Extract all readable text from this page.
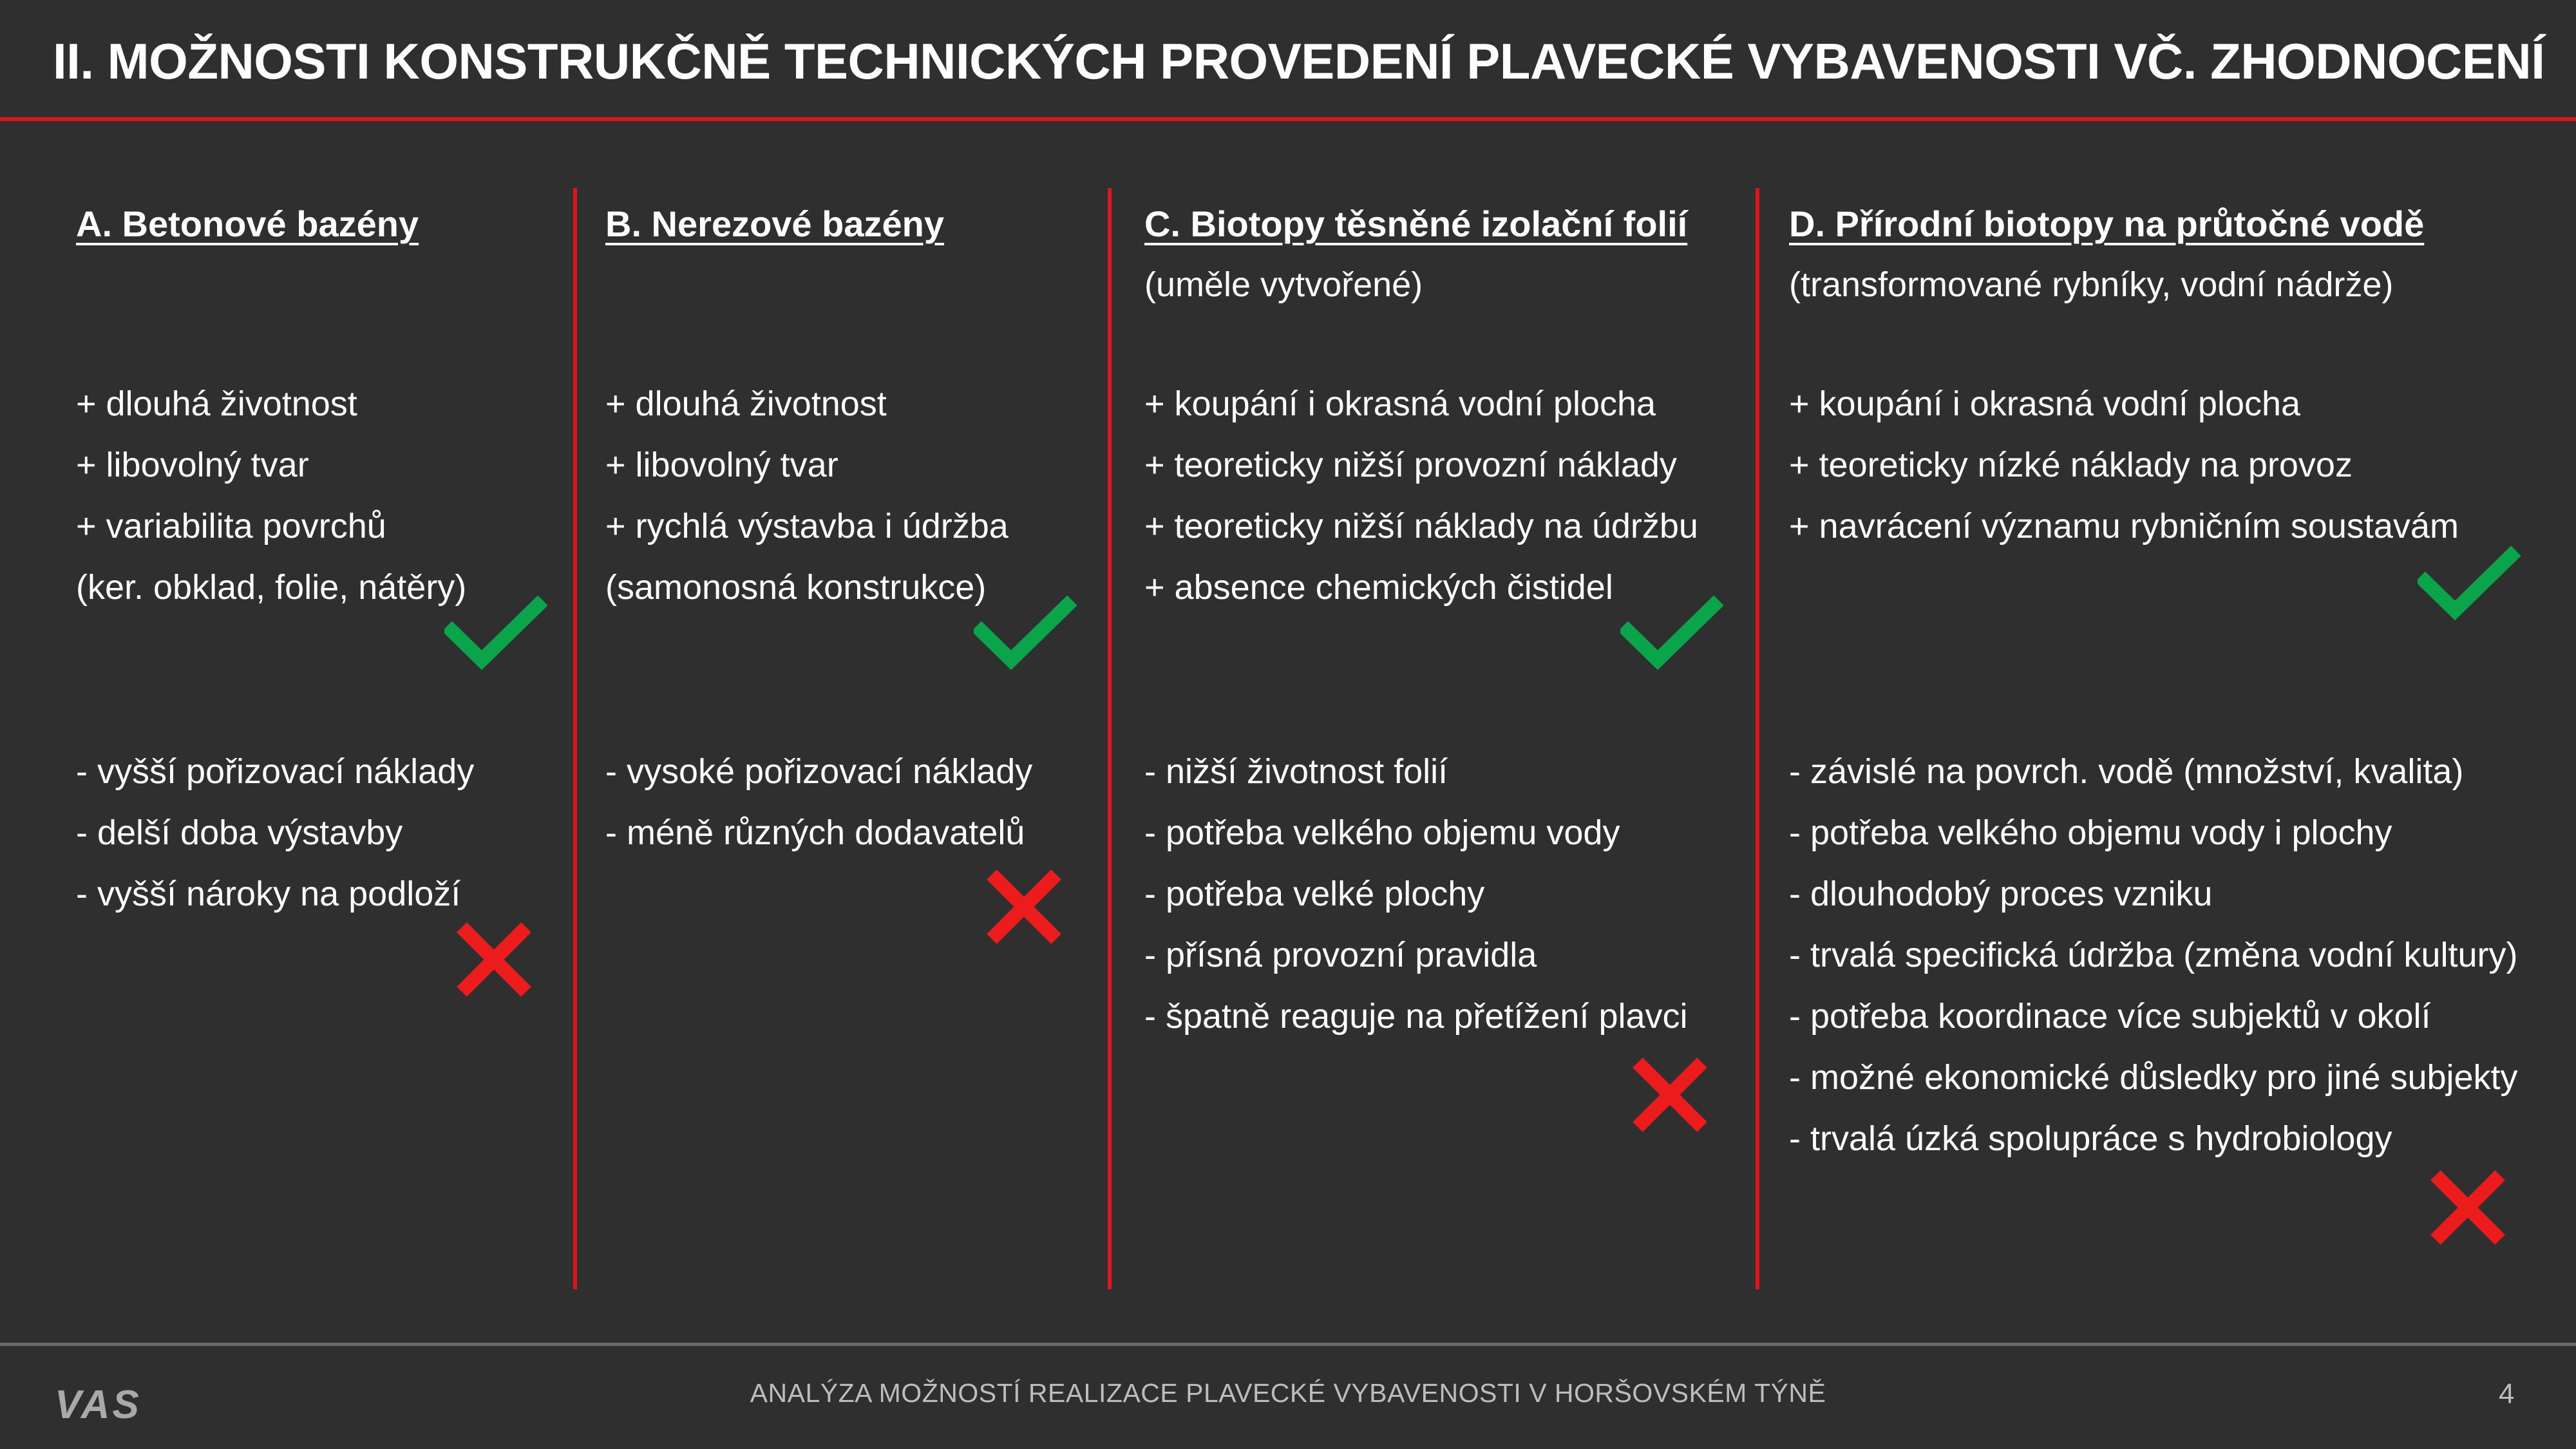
II. MOŽNOSTI KONSTRUKČNĚ TECHNICKÝCH PROVEDENÍ PLAVECKÉ VYBAVENOSTI VČ. ZHODNOCENÍ
A. Betonové bazény
+ dlouhá životnost
+ libovolný tvar
+ variabilita povrchů
(ker. obklad, folie, nátěry)
- vyšší pořizovací náklady
- delší doba výstavby
- vyšší nároky na podloží
B. Nerezové bazény
+ dlouhá životnost
+ libovolný tvar
+ rychlá výstavba i údržba
(samonosná konstrukce)
- vysoké pořizovací náklady
- méně různých dodavatelů
C. Biotopy těsněné izolační folií
(uměle vytvořené)
+ koupání i okrasná vodní plocha
+ teoreticky nižší provozní náklady
+ teoreticky nižší náklady na údržbu
+ absence chemických čistidel
- nižší životnost folií
- potřeba velkého objemu vody
- potřeba velké plochy
- přísná provozní pravidla
- špatně reaguje na přetížení plavci
D. Přírodní biotopy na průtočné vodě
(transformované rybníky, vodní nádrže)
+ koupání i okrasná vodní plocha
+ teoreticky nízké náklady na provoz
+ navrácení významu rybničním soustavám
- závislé na povrch. vodě (množství, kvalita)
- potřeba velkého objemu vody i plochy
- dlouhodobý proces vzniku
- trvalá specifická údržba (změna vodní kultury)
- potřeba koordinace více subjektů v okolí
- možné ekonomické důsledky pro jiné subjekty
- trvalá úzká spolupráce s hydrobiology
VAS	ANALÝZA MOŽNOSTÍ REALIZACE PLAVECKÉ VYBAVENOSTI V HORŠOVSKÉM TÝNĚ	4
